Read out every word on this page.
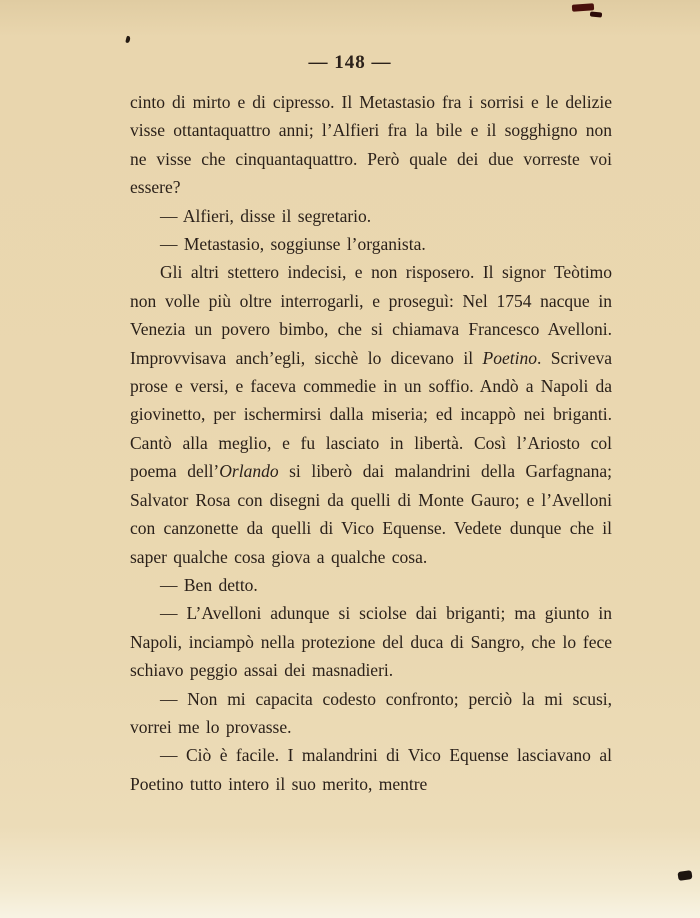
— 148 —

cinto di mirto e di cipresso. Il Metastasio fra i sorrisi e le delizie visse ottantaquattro anni; l’Alfieri fra la bile e il sogghigno non ne visse che cinquantaquattro. Però quale dei due vorreste voi essere?

— Alfieri, disse il segretario.

— Metastasio, soggiunse l’organista.

Gli altri stettero indecisi, e non risposero. Il signor Teòtimo non volle più oltre interrogarli, e proseguì: Nel 1754 nacque in Venezia un povero bimbo, che si chiamava Francesco Avelloni. Improvvisava anch’egli, sicchè lo dicevano il Poetino. Scriveva prose e versi, e faceva commedie in un soffio. Andò a Napoli da giovinetto, per ischermirsi dalla miseria; ed incappò nei briganti. Cantò alla meglio, e fu lasciato in libertà. Così l’Ariosto col poema dell’Orlando si liberò dai malandrini della Garfagnana; Salvator Rosa con disegni da quelli di Monte Gauro; e l’Avelloni con canzonette da quelli di Vico Equense. Vedete dunque che il saper qualche cosa giova a qualche cosa.

— Ben detto.

— L’Avelloni adunque si sciolse dai briganti; ma giunto in Napoli, inciampò nella protezione del duca di Sangro, che lo fece schiavo peggio assai dei masnadieri.

— Non mi capacita codesto confronto; perciò la mi scusi, vorrei me lo provasse.

— Ciò è facile. I malandrini di Vico Equense lasciavano al Poetino tutto intero il suo merito, mentre
